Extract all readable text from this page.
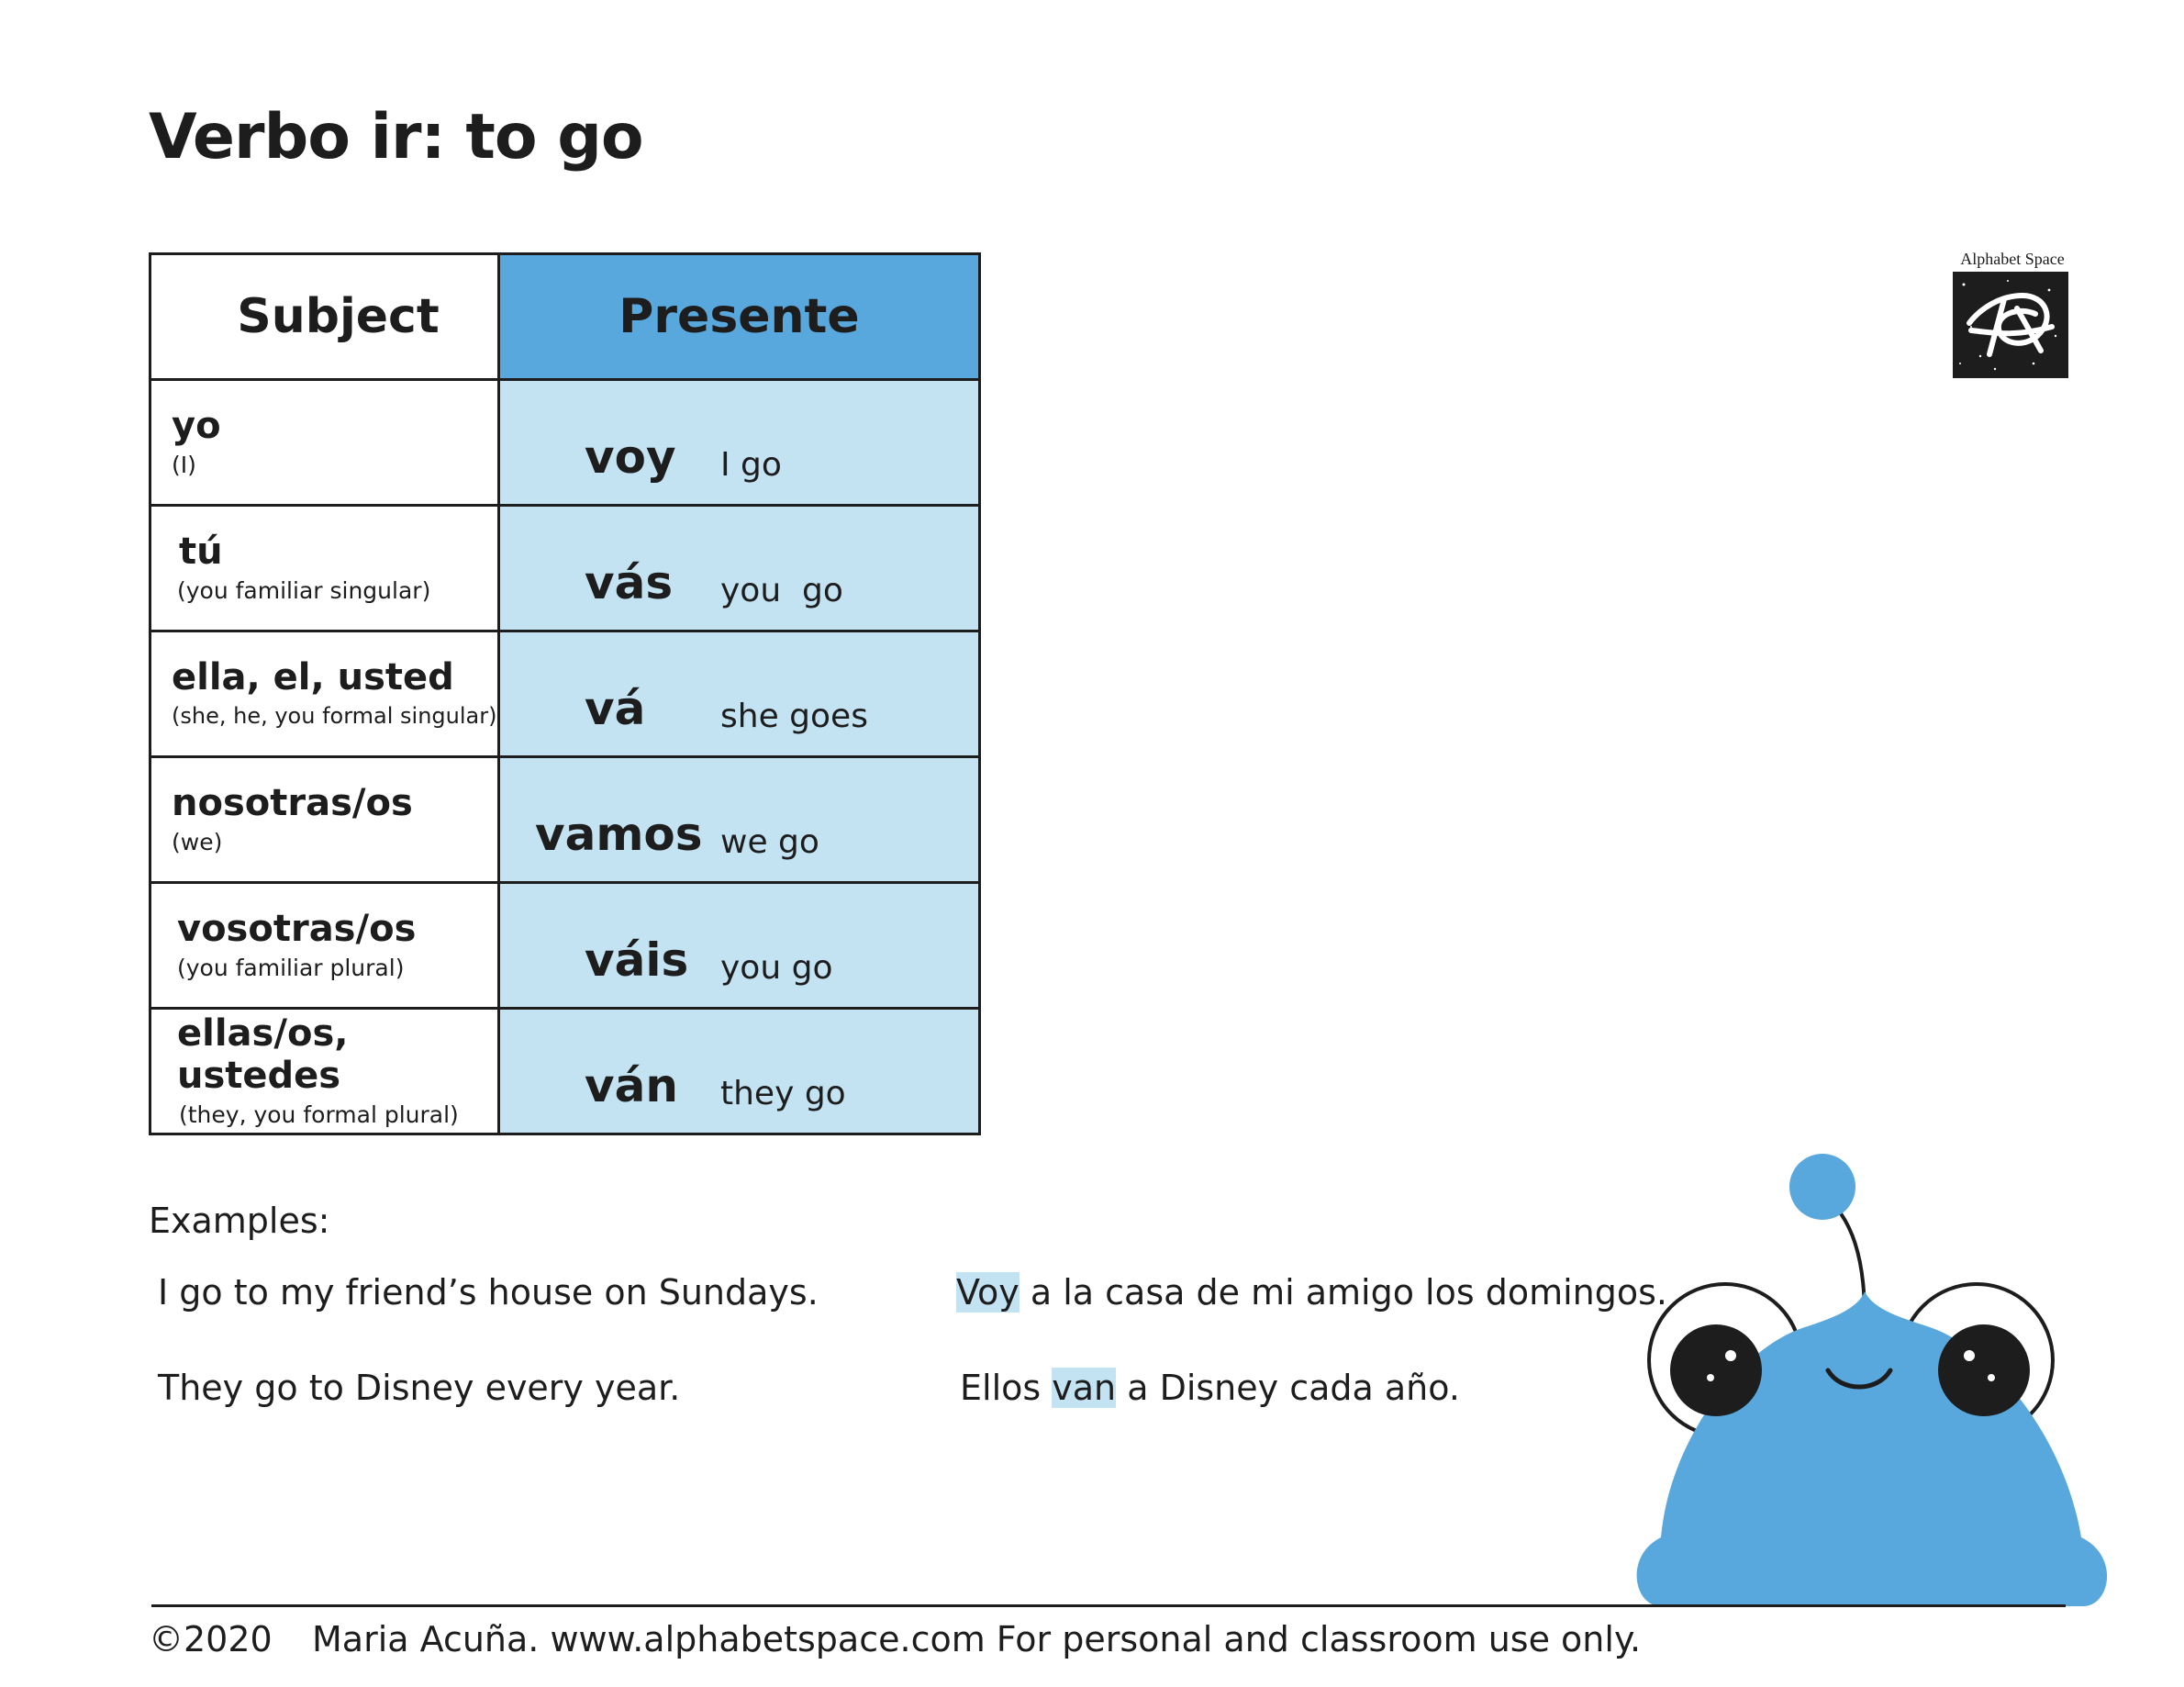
Verbo ir: to go
Subject	Presente

yo
(I)	voy I go

tú
(you familiar singular)	vás you  go

ella, el, usted
(she, he, you formal singular)	vá she goes

nosotras/os
(we)	vamos we go

vosotras/os
(you familiar plural)	váis you go

ellas/os, ustedes
(they, you formal plural)	ván they go
Examples:
I go to my friend’s house on Sundays.
They go to Disney every year.
Voy a la casa de mi amigo los domingos.
Ellos van a Disney cada año.
Alphabet Space
©2020 Maria Acuña. www.alphabetspace.com For personal and classroom use only.
